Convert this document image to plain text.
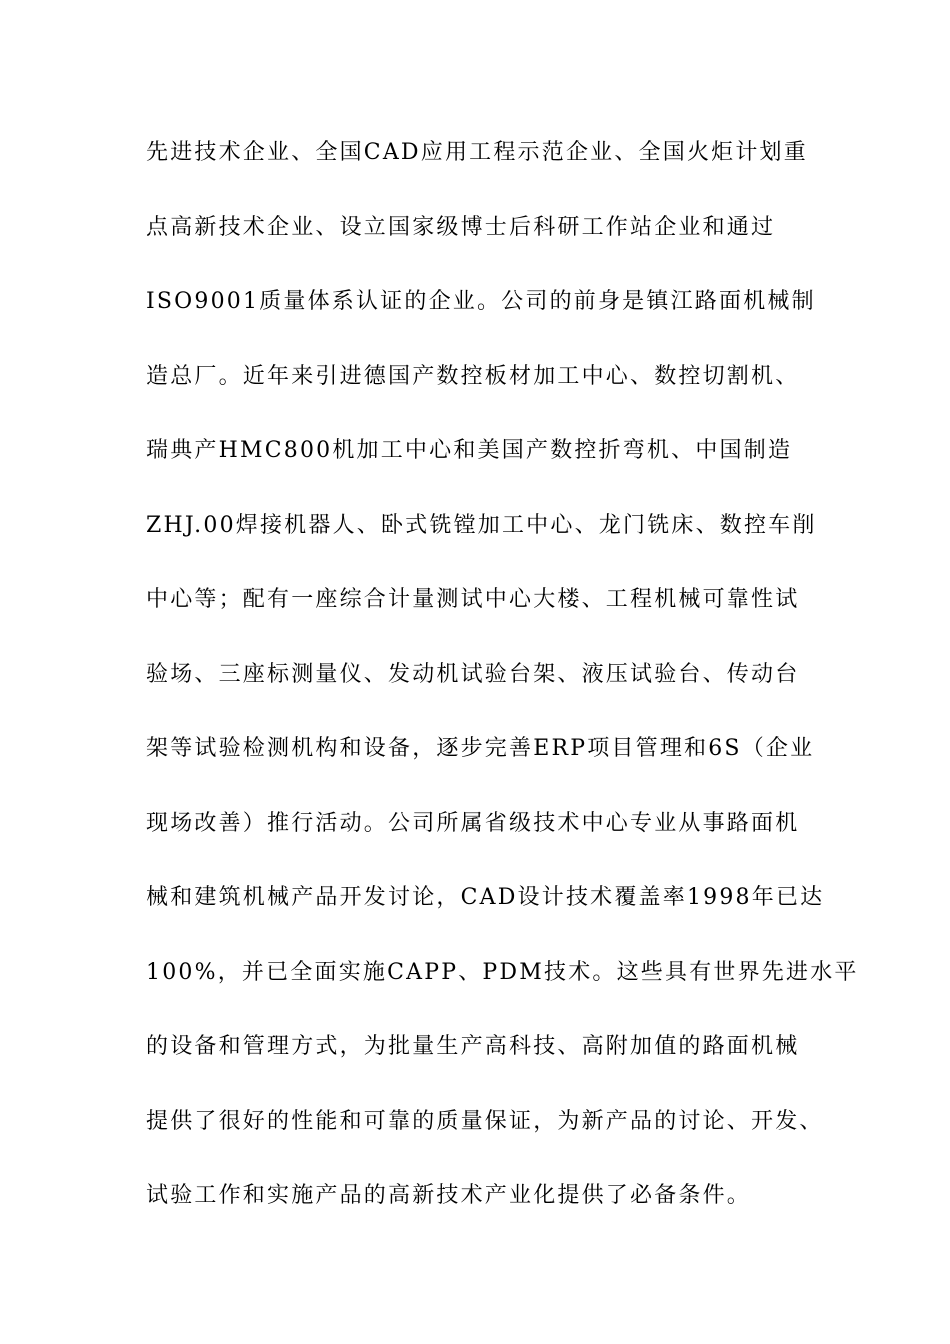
先进技术企业、全国CAD应用工程示范企业、全国火炬计划重
点高新技术企业、设立国家级博士后科研工作站企业和通过
ISO9001质量体系认证的企业。公司的前身是镇江路面机械制
造总厂。近年来引进德国产数控板材加工中心、数控切割机、
瑞典产HMC800机加工中心和美国产数控折弯机、中国制造
ZHJ.00焊接机器人、卧式铣镗加工中心、龙门铣床、数控车削
中心等；配有一座综合计量测试中心大楼、工程机械可靠性试
验场、三座标测量仪、发动机试验台架、液压试验台、传动台
架等试验检测机构和设备，逐步完善ERP项目管理和6S（企业
现场改善）推行活动。公司所属省级技术中心专业从事路面机
械和建筑机械产品开发讨论，CAD设计技术覆盖率1998年已达
100%，并已全面实施CAPP、PDM技术。这些具有世界先进水平
的设备和管理方式，为批量生产高科技、高附加值的路面机械
提供了很好的性能和可靠的质量保证，为新产品的讨论、开发、
试验工作和实施产品的高新技术产业化提供了必备条件。
